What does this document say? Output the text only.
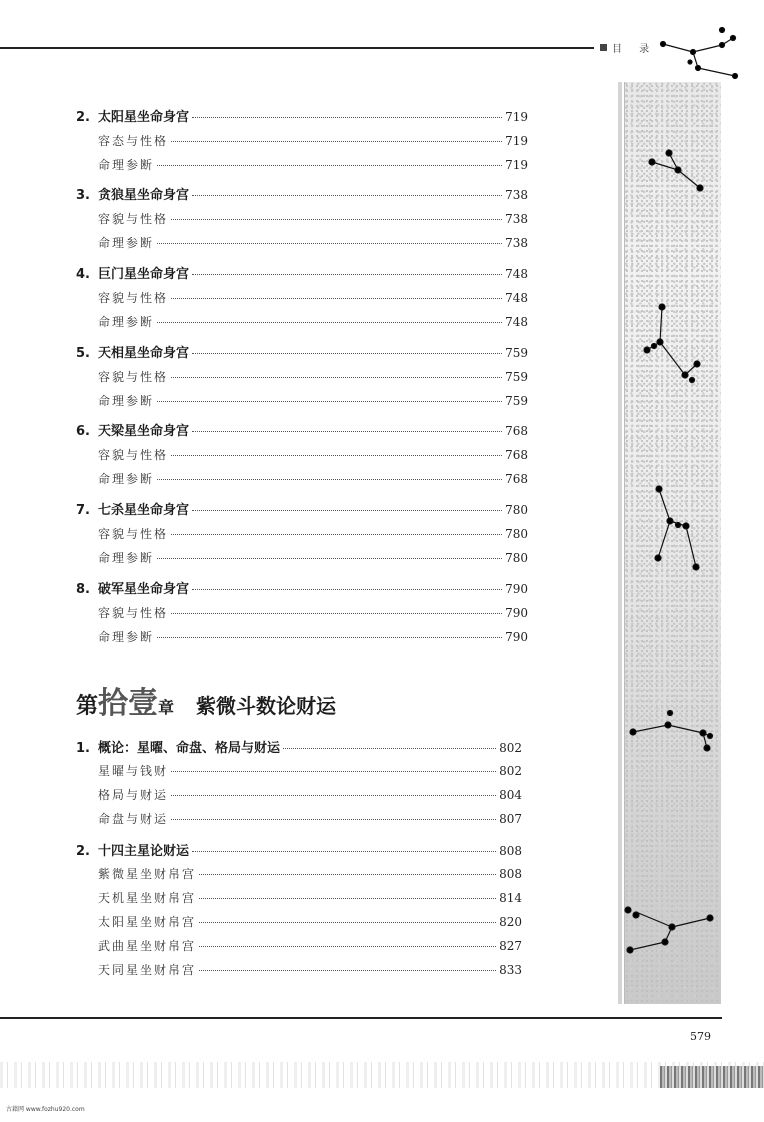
目 录
2. 太阳星坐命身宫	719
容态与性格	719
命理参断	719
3. 贪狼星坐命身宫	738
容貌与性格	738
命理参断	738
4. 巨门星坐命身宫	748
容貌与性格	748
命理参断	748
5. 天相星坐命身宫	759
容貌与性格	759
命理参断	759
6. 天梁星坐命身宫	768
容貌与性格	768
命理参断	768
7. 七杀星坐命身宫	780
容貌与性格	780
命理参断	780
8. 破军星坐命身宫	790
容貌与性格	790
命理参断	790
第 拾 壹 章 紫微斗数论财运
1. 概论：星曜、命盘、格局与财运	802
星曜与钱财	802
格局与财运	804
命盘与财运	807
2. 十四主星论财运	808
紫微星坐财帛宫	808
天机星坐财帛宫	814
太阳星坐财帛宫	820
武曲星坐财帛宫	827
天同星坐财帛宫	833
579
古籍网 www.fozhu920.com
